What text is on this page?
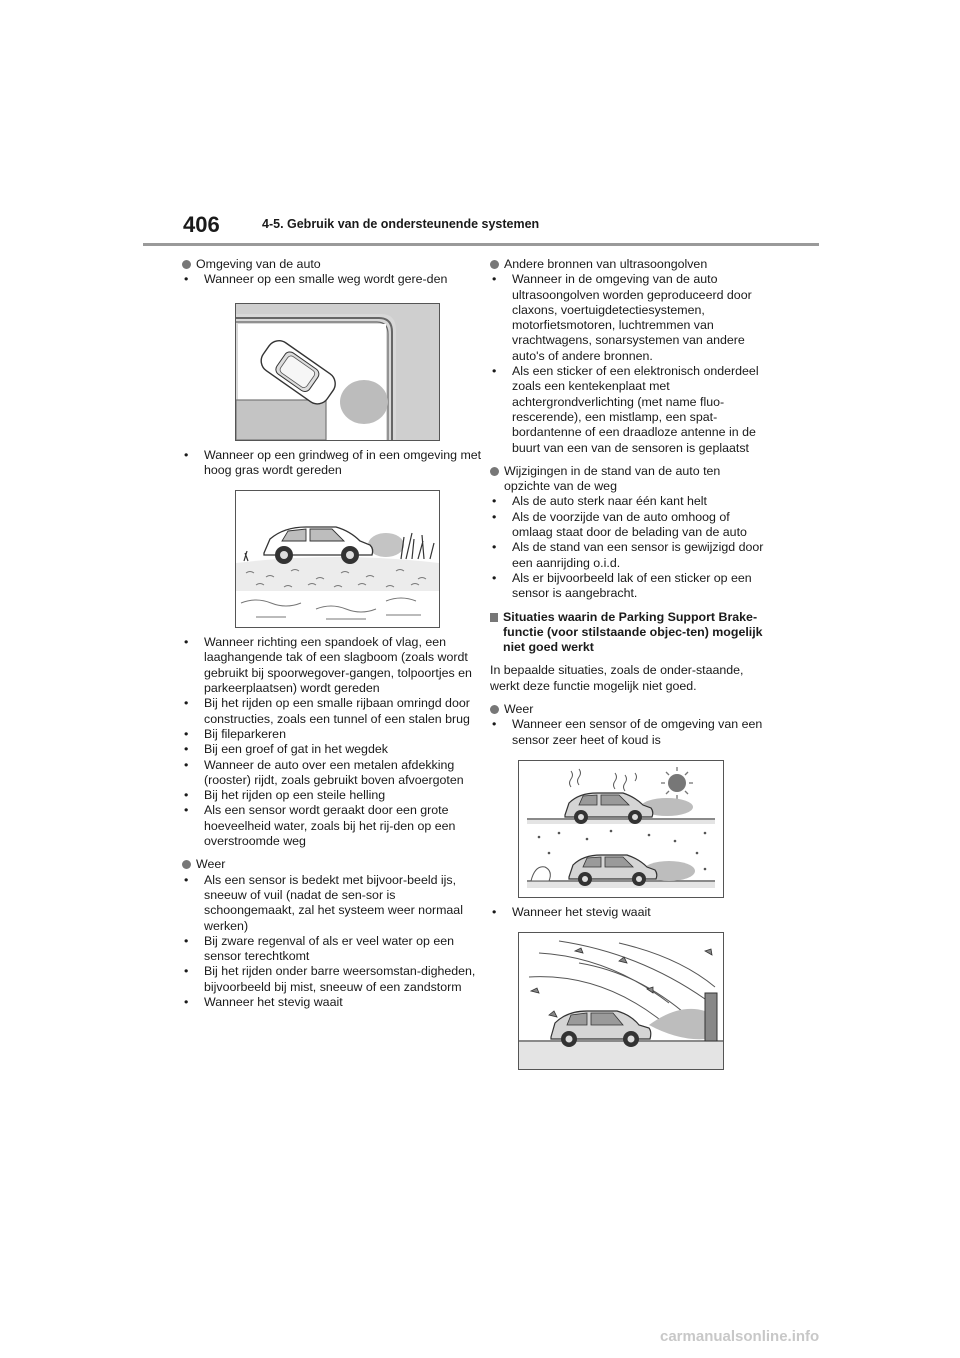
406	4-5. Gebruik van de ondersteunende systemen
Omgeving van de auto
• Wanneer op een smalle weg wordt gere-den
• Wanneer op een grindweg of in een omgeving met hoog gras wordt gereden
• Wanneer richting een spandoek of vlag, een laaghangende tak of een slagboom (zoals wordt gebruikt bij spoorwegover-gangen, tolpoortjes en parkeerplaatsen) wordt gereden
• Bij het rijden op een smalle rijbaan omringd door constructies, zoals een tunnel of een stalen brug
• Bij fileparkeren
• Bij een groef of gat in het wegdek
• Wanneer de auto over een metalen afdekking (rooster) rijdt, zoals gebruikt boven afvoergoten
• Bij het rijden op een steile helling
• Als een sensor wordt geraakt door een grote hoeveelheid water, zoals bij het rij-den op een overstroomde weg
Weer
• Als een sensor is bedekt met bijvoor-beeld ijs, sneeuw of vuil (nadat de sen-sor is schoongemaakt, zal het systeem weer normaal werken)
• Bij zware regenval of als er veel water op een sensor terechtkomt
• Bij het rijden onder barre weersomstan-digheden, bijvoorbeeld bij mist, sneeuw of een zandstorm
• Wanneer het stevig waait
Andere bronnen van ultrasoongolven
• Wanneer in de omgeving van de auto ultrasoongolven worden geproduceerd door claxons, voertuigdetectiesystemen, motorfietsmotoren, luchtremmen van vrachtwagens, sonarsystemen van andere auto's of andere bronnen.
• Als een sticker of een elektronisch onderdeel zoals een kentekenplaat met achtergrondverlichting (met name fluo-rescerende), een mistlamp, een spat-bordantenne of een draadloze antenne in de buurt van een van de sensoren is geplaatst
Wijzigingen in de stand van de auto ten opzichte van de weg
• Als de auto sterk naar één kant helt
• Als de voorzijde van de auto omhoog of omlaag staat door de belading van de auto
• Als de stand van een sensor is gewijzigd door een aanrijding o.i.d.
• Als er bijvoorbeeld lak of een sticker op een sensor is aangebracht.
Situaties waarin de Parking Support Brake-functie (voor stilstaande objec-ten) mogelijk niet goed werkt

In bepaalde situaties, zoals de onder-staande, werkt deze functie mogelijk niet goed.

Weer
• Wanneer een sensor of de omgeving van een sensor zeer heet of koud is
• Wanneer het stevig waait
carmanualsonline.info
